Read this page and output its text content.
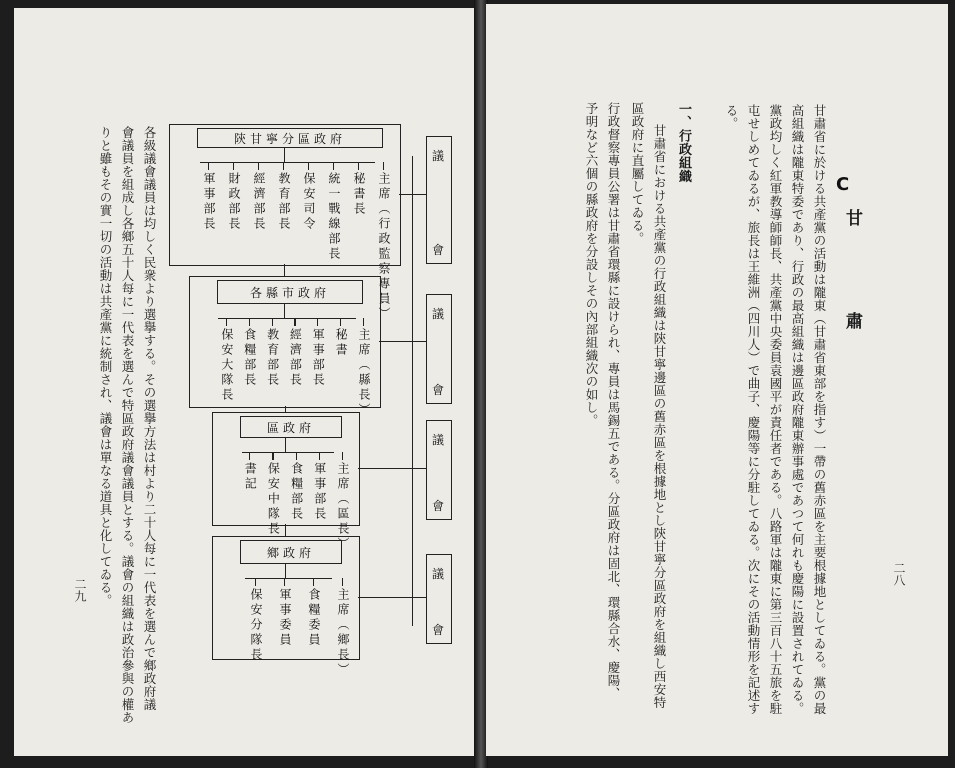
各級議會議員は均しく民衆より選擧する。その選擧方法は村より二十人每に一代表を選んで鄉政府議
會議員を組成し各鄉五十人每に一代表を選んで特區政府議會議員とする。議會の組織は政治參與の權あ
りと雖もその實一切の活動は共產黨に統制され、議會は單なる道具と化してゐる。	陝甘寧分區政府
主席（行政監察專員）
秘書長
統一戰線部長
保安司令
教育部長
經濟部長
財政部長
軍事部長
議
會
各縣市政府
主席（縣長）
秘書
軍事部長
經濟部長
教育部長
食糧部長
保安大隊長
議
會
區政府
主席（區長）
軍事部長
食糧部長
保安中隊長
書記
議
會
鄉政府
主席（鄉長）
食糧委員
軍事委員
保安分隊長
議
會
二九
C
甘 肅
甘肅省に於ける共產黨の活動は隴東（甘肅省東部を指す）一帶の舊赤區を主要根據地としてゐる。黨の最
高組織は隴東特委であり、行政の最高組織は邊區政府隴東辦事處であつて何れも慶陽に設置されてゐる。
黨政均しく紅軍教導師師長、共產黨中央委員袁國平が責任者である。八路軍は隴東に第三百八十五旅を駐
屯せしめてゐるが、旅長は王維洲（四川人）で曲子、慶陽等に分駐してゐる。次にその活動情形を記述す
る。
一、行政組織
甘肅省における共產黨の行政組織は陝甘寧邊區の舊赤區を根據地とし陝甘寧分區政府を組織し西安特
區政府に直屬してゐる。
行政督察專員公署は甘肅省環縣に設けられ、專員は馬錫五である。分區政府は固北、環縣合水、慶陽、
予明など六個の縣政府を分設しその內部組織次の如し。
二八
